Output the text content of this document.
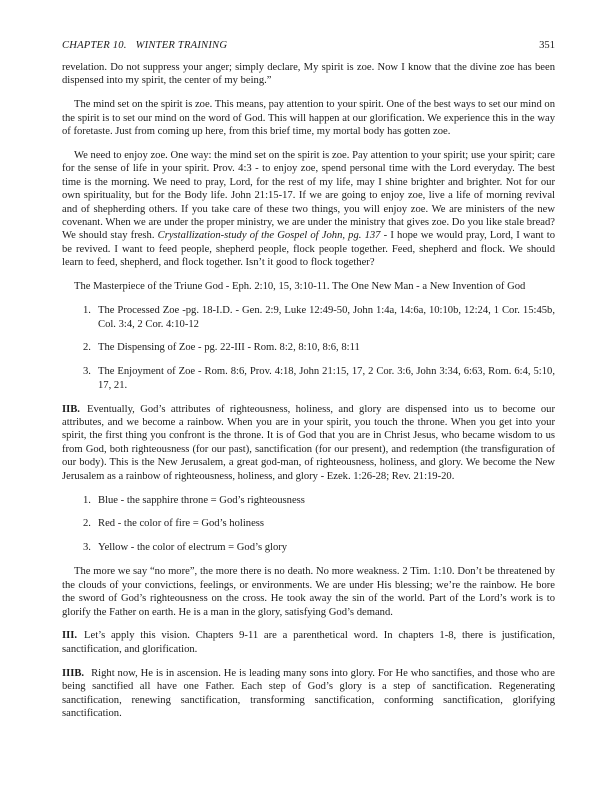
CHAPTER 10. WINTER TRAINING	351

revelation. Do not suppress your anger; simply declare, My spirit is zoe. Now I know that the divine zoe has been dispensed into my spirit, the center of my being.”

The mind set on the spirit is zoe. This means, pay attention to your spirit. One of the best ways to set our mind on the spirit is to set our mind on the word of God. This will happen at our glorification. We experience this in the way of foretaste. Just from coming up here, from this brief time, my mortal body has gotten zoe.

We need to enjoy zoe. One way: the mind set on the spirit is zoe. Pay attention to your spirit; use your spirit; care for the sense of life in your spirit. Prov. 4:3 - to enjoy zoe, spend personal time with the Lord everyday. The best time is the morning. We need to pray, Lord, for the rest of my life, may I shine brighter and brighter. Not for our own spirituality, but for the Body life. John 21:15-17. If we are going to enjoy zoe, live a life of morning revival and of shepherding others. If you take care of these two things, you will enjoy zoe. We are ministers of the new covenant. When we are under the proper ministry, we are under the ministry that gives zoe. Do you like stale bread? We should stay fresh. Crystallization-study of the Gospel of John, pg. 137 - I hope we would pray, Lord, I want to be revived. I want to feed people, shepherd people, flock people together. Feed, shepherd and flock. We should learn to feed, shepherd, and flock together. Isn’t it good to flock together?

The Masterpiece of the Triune God - Eph. 2:10, 15, 3:10-11. The One New Man - a New Invention of God

1. The Processed Zoe -pg. 18-I.D. - Gen. 2:9, Luke 12:49-50, John 1:4a, 14:6a, 10:10b, 12:24, 1 Cor. 15:45b, Col. 3:4, 2 Cor. 4:10-12
2. The Dispensing of Zoe - pg. 22-III - Rom. 8:2, 8:10, 8:6, 8:11
3. The Enjoyment of Zoe - Rom. 8:6, Prov. 4:18, John 21:15, 17, 2 Cor. 3:6, John 3:34, 6:63, Rom. 6:4, 5:10, 17, 21.

IIB. Eventually, God’s attributes of righteousness, holiness, and glory are dispensed into us to become our attributes, and we become a rainbow. When you are in your spirit, you touch the throne. When you get into your spirit, the first thing you confront is the throne. It is of God that you are in Christ Jesus, who became wisdom to us from God, both righteousness (for our past), sanctification (for our present), and redemption (the transfiguration of our body). This is the New Jerusalem, a great god-man, of righteousness, holiness, and glory. We become the New Jerusalem as a rainbow of righteousness, holiness, and glory - Ezek. 1:26-28; Rev. 21:19-20.

1. Blue - the sapphire throne = God’s righteousness
2. Red - the color of fire = God’s holiness
3. Yellow - the color of electrum = God’s glory

The more we say “no more”, the more there is no death. No more weakness. 2 Tim. 1:10. Don’t be threatened by the clouds of your convictions, feelings, or environments. We are under His blessing; we’re the rainbow. He bore the sword of God’s righteousness on the cross. He took away the sin of the world. Part of the Lord’s work is to glorify the Father on earth. He is a man in the glory, satisfying God’s demand.

III. Let’s apply this vision. Chapters 9-11 are a parenthetical word. In chapters 1-8, there is justification, sanctification, and glorification.

IIIB. Right now, He is in ascension. He is leading many sons into glory. For He who sanctifies, and those who are being sanctified all have one Father. Each step of God’s glory is a step of sanctification. Regenerating sanctification, renewing sanctification, transforming sanctification, conforming sanctification, glorifying sanctification.
